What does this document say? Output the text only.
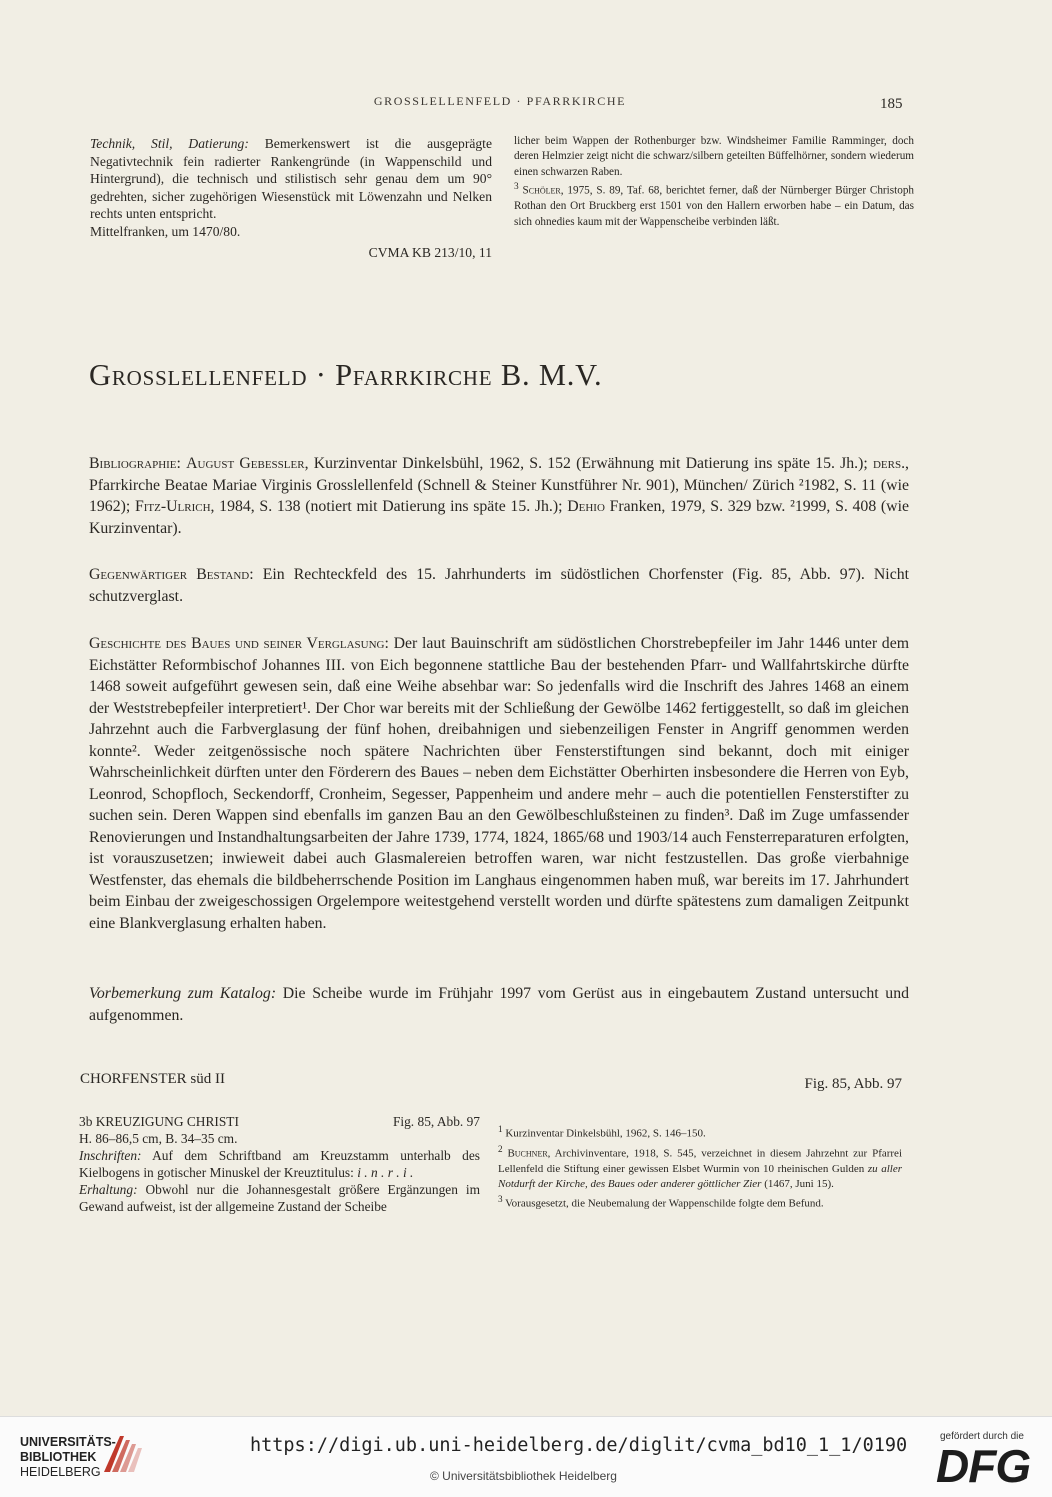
GROSSLELLENFELD · PFARRKIRCHE	185

Technik, Stil, Datierung: Bemerkenswert ist die ausgeprägte Negativtechnik fein radierter Rankengründe (in Wappenschild und Hintergrund), die technisch und stilistisch sehr genau dem um 90° gedrehten, sicher zugehörigen Wiesenstück mit Löwenzahn und Nelken rechts unten entspricht.

Mittelfranken, um 1470/80.

CVMA KB 213/10, 11

licher beim Wappen der Rothenburger bzw. Windsheimer Familie Ramminger, doch deren Helmzier zeigt nicht die schwarz/silbern geteilten Büffelhörner, sondern wiederum einen schwarzen Raben.

$^3$ Schöler, 1975, S. 89, Taf. 68, berichtet ferner, daß der Nürnberger Bürger Christoph Rothan den Ort Bruckberg erst 1501 von den Hallern erworben habe – ein Datum, das sich ohnedies kaum mit der Wappenscheibe verbinden läßt.

Grosslellenfeld · Pfarrkirche B. M.V.

Bibliographie: August Gebessler, Kurzinventar Dinkelsbühl, 1962, S. 152 (Erwähnung mit Datierung ins späte 15. Jh.); ders., Pfarrkirche Beatae Mariae Virginis Grosslellenfeld (Schnell & Steiner Kunstführer Nr. 901), München/ Zürich ²1982, S. 11 (wie 1962); Fitz-Ulrich, 1984, S. 138 (notiert mit Datierung ins späte 15. Jh.); Dehio Franken, 1979, S. 329 bzw. ²1999, S. 408 (wie Kurzinventar).

Gegenwärtiger Bestand: Ein Rechteckfeld des 15. Jahrhunderts im südöstlichen Chorfenster (Fig. 85, Abb. 97). Nicht schutzverglast.

Geschichte des Baues und seiner Verglasung: Der laut Bauinschrift am südöstlichen Chorstrebepfeiler im Jahr 1446 unter dem Eichstätter Reformbischof Johannes III. von Eich begonnene stattliche Bau der bestehenden Pfarr- und Wallfahrtskirche dürfte 1468 soweit aufgeführt gewesen sein, daß eine Weihe absehbar war: So jedenfalls wird die Inschrift des Jahres 1468 an einem der Weststrebepfeiler interpretiert¹. Der Chor war bereits mit der Schließung der Gewölbe 1462 fertiggestellt, so daß im gleichen Jahrzehnt auch die Farbverglasung der fünf hohen, dreibahnigen und siebenzeiligen Fenster in Angriff genommen werden konnte². Weder zeitgenössische noch spätere Nachrichten über Fensterstiftungen sind bekannt, doch mit einiger Wahrscheinlichkeit dürften unter den Förderern des Baues – neben dem Eichstätter Oberhirten insbesondere die Herren von Eyb, Leonrod, Schopfloch, Seckendorff, Cronheim, Segesser, Pappenheim und andere mehr – auch die potentiellen Fensterstifter zu suchen sein. Deren Wappen sind ebenfalls im ganzen Bau an den Gewölbeschlußsteinen zu finden³. Daß im Zuge umfassender Renovierungen und Instandhaltungsarbeiten der Jahre 1739, 1774, 1824, 1865/68 und 1903/14 auch Fensterreparaturen erfolgten, ist vorauszusetzen; inwieweit dabei auch Glasmalereien betroffen waren, war nicht festzustellen. Das große vierbahnige Westfenster, das ehemals die bildbeherrschende Position im Langhaus eingenommen haben muß, war bereits im 17. Jahrhundert beim Einbau der zweigeschossigen Orgelempore weitestgehend verstellt worden und dürfte spätestens zum damaligen Zeitpunkt eine Blankverglasung erhalten haben.

Vorbemerkung zum Katalog: Die Scheibe wurde im Frühjahr 1997 vom Gerüst aus in eingebautem Zustand untersucht und aufgenommen.

CHORFENSTER süd II	Fig. 85, Abb. 97
3b KREUZIGUNG CHRISTI	Fig. 85, Abb. 97

H. 86–86,5 cm, B. 34–35 cm.

Inschriften: Auf dem Schriftband am Kreuzstamm unterhalb des Kielbogens in gotischer Minuskel der Kreuztitulus: i . n . r . i .

Erhaltung: Obwohl nur die Johannesgestalt größere Ergänzungen im Gewand aufweist, ist der allgemeine Zustand der Scheibe

$^1$ Kurzinventar Dinkelsbühl, 1962, S. 146–150.

$^2$ Buchner, Archivinventare, 1918, S. 545, verzeichnet in diesem Jahrzehnt zur Pfarrei Lellenfeld die Stiftung einer gewissen Elsbet Wurmin von 10 rheinischen Gulden zu aller Notdurft der Kirche, des Baues oder anderer göttlicher Zier (1467, Juni 15).

$^3$ Vorausgesetzt, die Neubemalung der Wappenschilde folgte dem Befund.

UNIVERSITÄTS-
BIBLIOTHEK
HEIDELBERG
https://digi.ub.uni-heidelberg.de/diglit/cvma_bd10_1_1/0190
© Universitätsbibliothek Heidelberg
gefördert durch die
DFG
